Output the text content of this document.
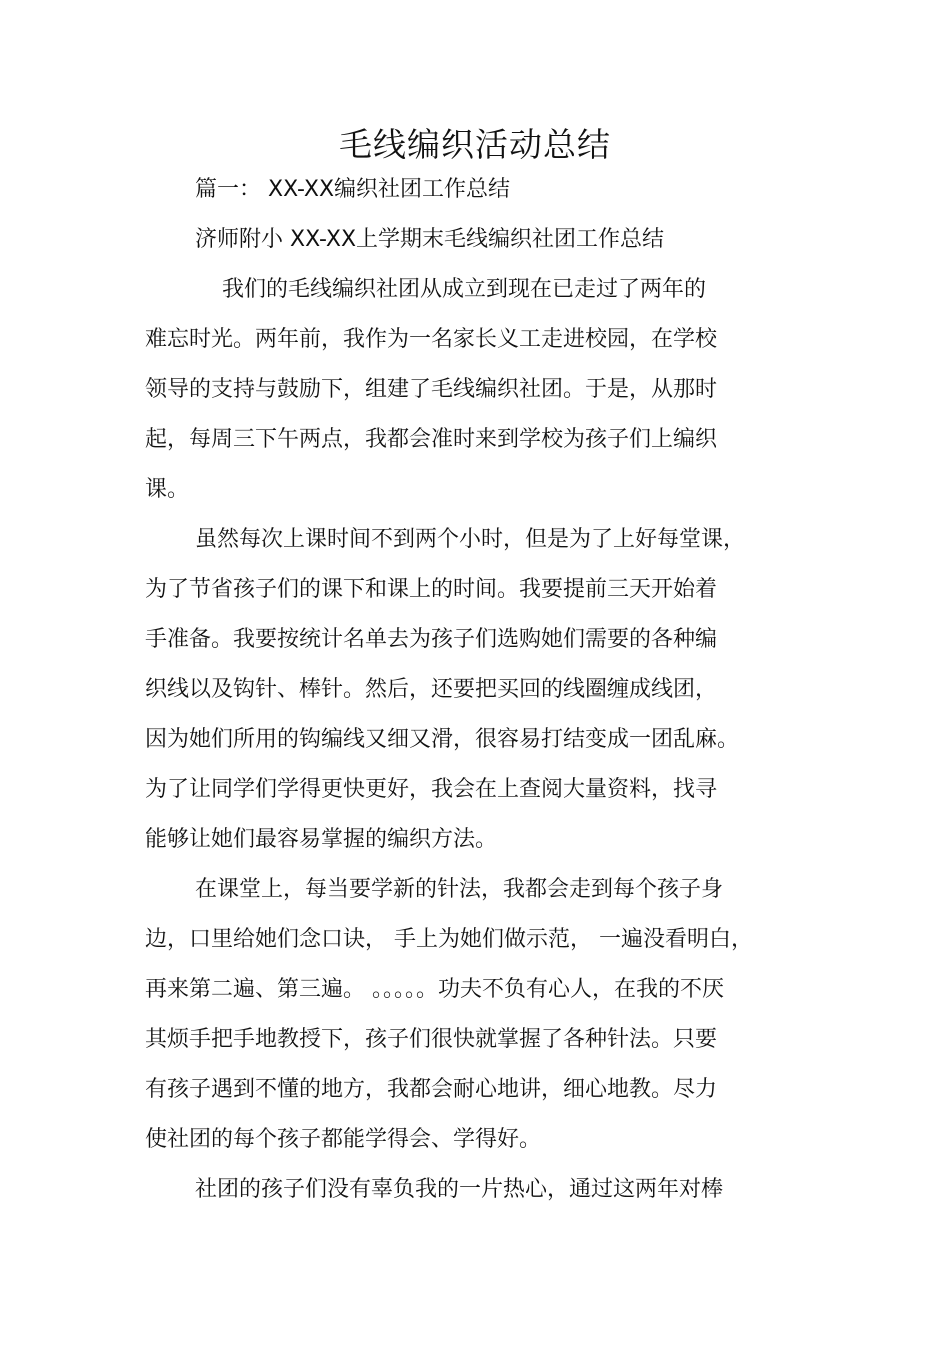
毛线编织活动总结

篇一： XX-XX编织社团工作总结

济师附小 XX-XX上学期末毛线编织社团工作总结

我们的毛线编织社团从成立到现在已走过了两年的

难忘时光。两年前，我作为一名家长义工走进校园，在学校

领导的支持与鼓励下，组建了毛线编织社团。于是，从那时

起，每周三下午两点，我都会准时来到学校为孩子们上编织

课。

虽然每次上课时间不到两个小时，但是为了上好每堂课，

为了节省孩子们的课下和课上的时间。我要提前三天开始着

手准备。我要按统计名单去为孩子们选购她们需要的各种编

织线以及钩针、棒针。然后，还要把买回的线圈缠成线团，

因为她们所用的钩编线又细又滑，很容易打结变成一团乱麻。

为了让同学们学得更快更好，我会在上查阅大量资料，找寻

能够让她们最容易掌握的编织方法。

在课堂上，每当要学新的针法，我都会走到每个孩子身

边，口里给她们念口诀， 手上为她们做示范， 一遍没看明白，

再来第二遍、第三遍。 。。。。。功夫不负有心人，在我的不厌

其烦手把手地教授下，孩子们很快就掌握了各种针法。只要

有孩子遇到不懂的地方，我都会耐心地讲，细心地教。尽力

使社团的每个孩子都能学得会、学得好。

社团的孩子们没有辜负我的一片热心，通过这两年对棒
